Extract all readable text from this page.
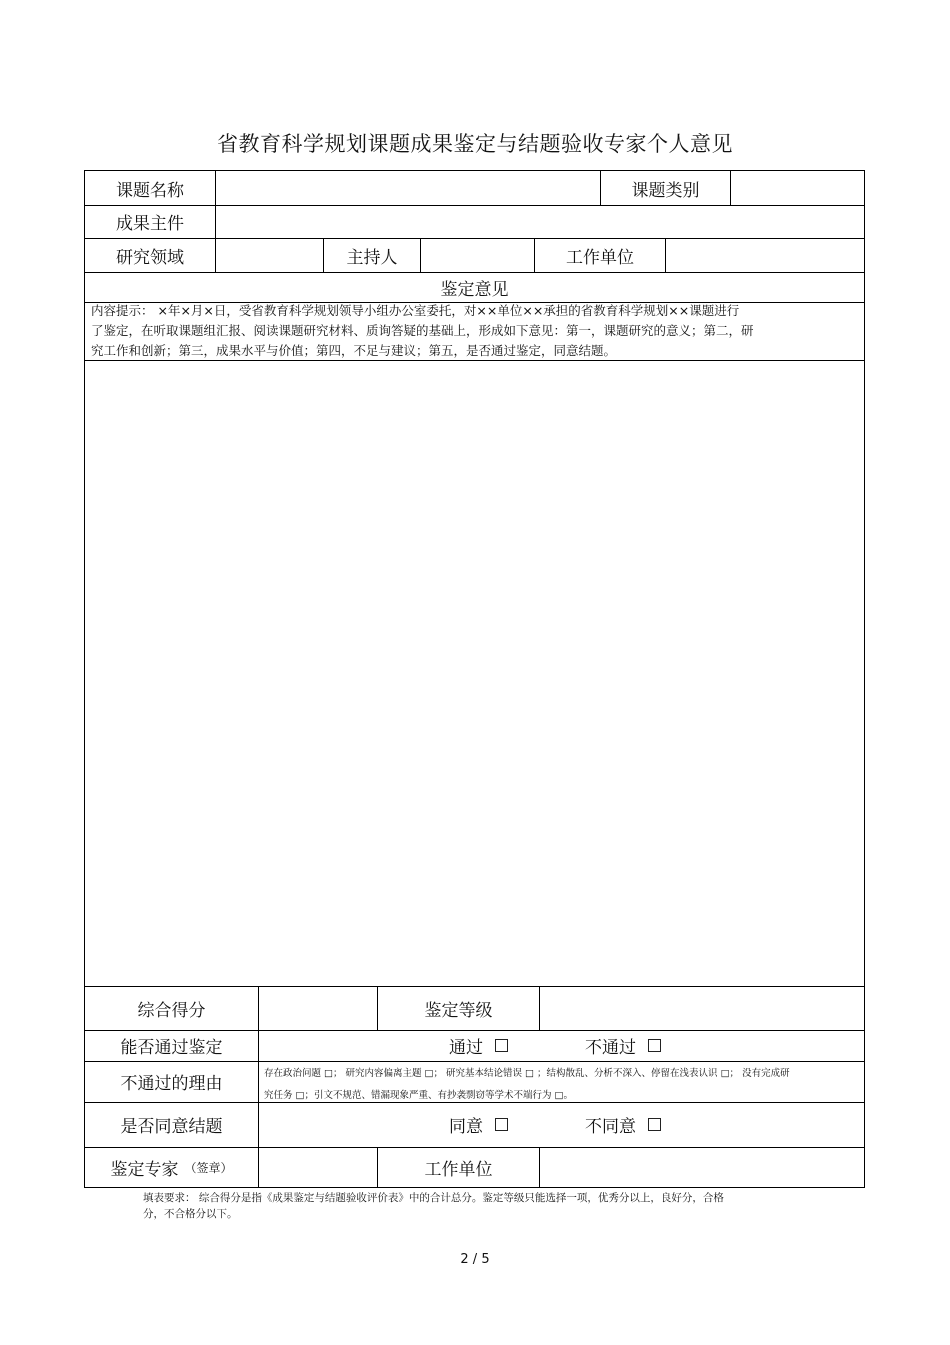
省教育科学规划课题成果鉴定与结题验收专家个人意见
课题名称	课题类别
成果主件
研究领域	主持人	工作单位
鉴定意见
内容提示： ×年×月×日，受省教育科学规划领导小组办公室委托，对××单位××承担的省教育科学规划××课题进行
了鉴定，在听取课题组汇报、阅读课题研究材料、质询答疑的基础上，形成如下意见：第一，课题研究的意义；第二，研
究工作和创新；第三，成果水平与价值；第四，不足与建议；第五，是否通过鉴定，同意结题。
综合得分	鉴定等级
能否通过鉴定	通过	不通过
不通过的理由
存在政治问题 □； 研究内容偏离主题 □； 研究基本结论错误 □ ；结构散乱、分析不深入、停留在浅表认识 □； 没有完成研
究任务 □；引文不规范、错漏现象严重、有抄袭剽窃等学术不端行为 □。
是否同意结题	同意	不同意
鉴定专家 （签章）	工作单位
填表要求： 综合得分是指《成果鉴定与结题验收评价表》中的合计总分。鉴定等级只能选择一项，优秀分以上，良好分，合格
分，不合格分以下。
2 / 5
